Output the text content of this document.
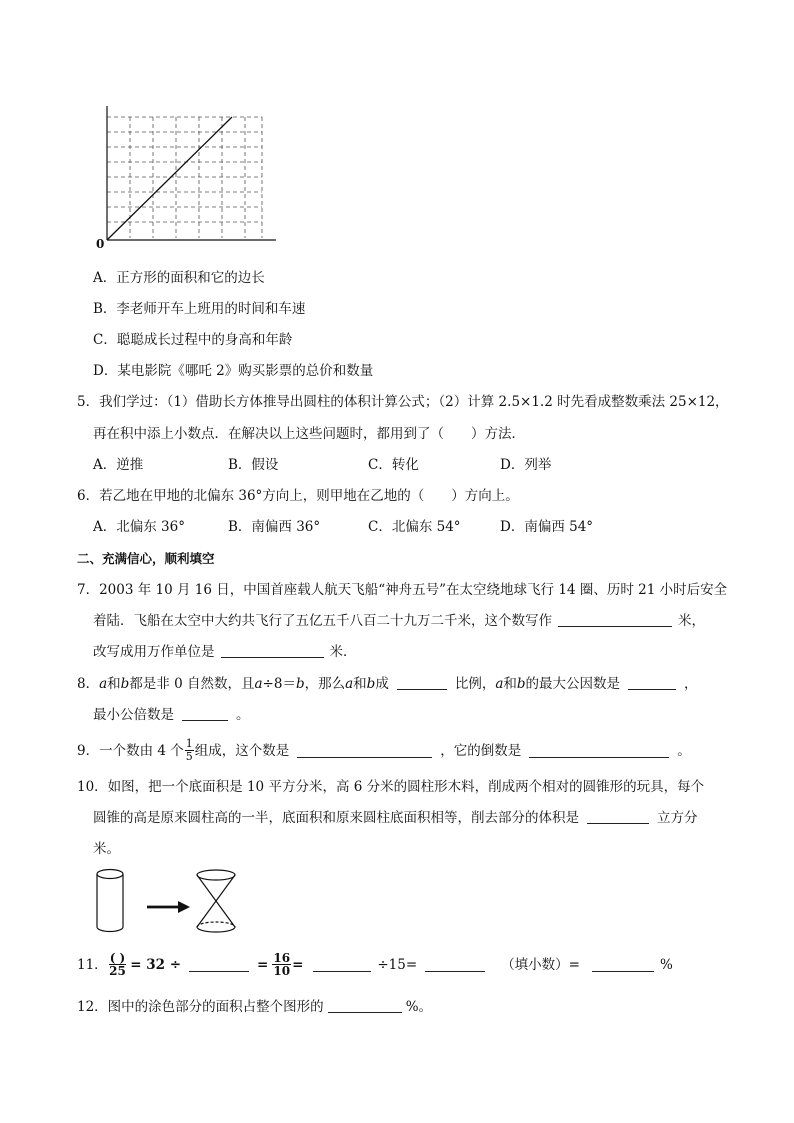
0
A．正方形的面积和它的边长
B．李老师开车上班用的时间和车速
C．聪聪成长过程中的身高和年龄
D．某电影院《哪吒 2》购买影票的总价和数量
5．我们学过：（1）借助长方体推导出圆柱的体积计算公式；（2）计算 2.5×1.2 时先看成整数乘法 25×12，
再在积中添上小数点．在解决以上这些问题时，都用到了（　　）方法．
A．逆推	B．假设	C．转化	D．列举
6．若乙地在甲地的北偏东 36°方向上，则甲地在乙地的（　　）方向上。
A．北偏东 36°	B．南偏西 36°	C．北偏东 54°	D．南偏西 54°
二、充满信心，顺利填空
7．2003 年 10 月 16 日，中国首座载人航天飞船“神舟五号”在太空绕地球飞行 14 圈、历时 21 小时后安全
着陆．飞船在太空中大约共飞行了五亿五千八百二十九万二千米，这个数写作	米，
改写成用万作单位是	米．
8．a和b都是非 0 自然数，且a÷8＝b，那么a和b成	比例，a和b的最大公因数是	，
最小公倍数是	。
9．一个数由 4 个 $\frac{1}{5}$ 组成，这个数是	，它的倒数是	。
10．如图，把一个底面积是 10 平方分米，高 6 分米的圆柱形木料，削成两个相对的圆锥形的玩具，每个
圆锥的高是原来圆柱高的一半，底面积和原来圆柱底面积相等，削去部分的体积是	立方分
米。
11． $\frac{( )}{25} = 32$ ÷	= $\frac{16}{10}$ =	÷15=	（填小数）=	%
12．图中的涂色部分的面积占整个图形的	%。
